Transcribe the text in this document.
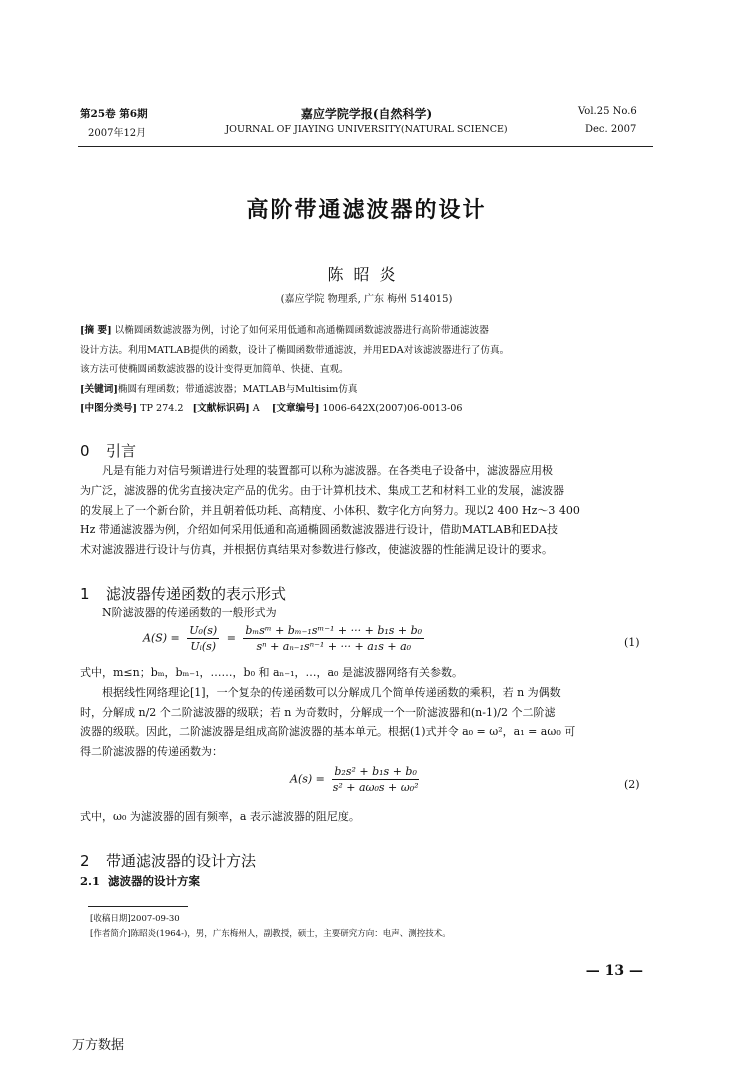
第25卷 第6期
2007年12月
嘉应学院学报(自然科学)
JOURNAL OF JIAYING UNIVERSITY(NATURAL SCIENCE)
Vol.25 No.6
Dec. 2007
高阶带通滤波器的设计
陈昭炎
(嘉应学院 物理系, 广东 梅州 514015)

[摘 要] 以椭圆函数滤波器为例，讨论了如何采用低通和高通椭圆函数滤波器进行高阶带通滤波器

设计方法。利用MATLAB提供的函数，设计了椭圆函数带通滤波，并用EDA对该滤波器进行了仿真。

该方法可使椭圆函数滤波器的设计变得更加简单、快捷、直观。

[关键词]椭圆有理函数；带通滤波器；MATLAB与Multisim仿真

[中图分类号] TP 274.2 [文献标识码] A [文章编号] 1006-642X(2007)06-0013-06

0 引言

凡是有能力对信号频谱进行处理的装置都可以称为滤波器。在各类电子设备中，滤波器应用极

为广泛，滤波器的优劣直接决定产品的优劣。由于计算机技术、集成工艺和材料工业的发展，滤波器

的发展上了一个新台阶，并且朝着低功耗、高精度、小体积、数字化方向努力。现以2 400 Hz～3 400

Hz 带通滤波器为例，介绍如何采用低通和高通椭圆函数滤波器进行设计，借助MATLAB和EDA技

术对滤波器进行设计与仿真，并根据仿真结果对参数进行修改，使滤波器的性能满足设计的要求。

1 滤波器传递函数的表示形式
N阶滤波器的传递函数的一般形式为
$A(S) = \frac{\text{U₀(s)}}{\text{Uᵢ(s)}} = \frac{\text{bₘsᵐ + bₘ₋₁sᵐ⁻¹ + ··· + b₁s + b₀}}{\text{sⁿ + aₙ₋₁sⁿ⁻¹ + ··· + a₁s + a₀}}$	(1)

式中，m≤n；bₘ，bₘ₋₁，……，b₀ 和 aₙ₋₁，…，a₀ 是滤波器网络有关参数。

根据线性网络理论[1]，一个复杂的传递函数可以分解成几个简单传递函数的乘积，若 n 为偶数

时，分解成 n/2 个二阶滤波器的级联；若 n 为奇数时，分解成一个一阶滤波器和(n-1)/2 个二阶滤

波器的级联。因此，二阶滤波器是组成高阶滤波器的基本单元。根据(1)式并令 a₀ = ω²，a₁ = aω₀ 可

得二阶滤波器的传递函数为：

$A(s) = \frac{\text{b₂s² + b₁s + b₀}}{\text{s² + aω₀s + ω₀²}}$	(2)
式中，ω₀ 为滤波器的固有频率，a 表示滤波器的阻尼度。
2 带通滤波器的设计方法
2.1 滤波器的设计方案
[收稿日期]2007-09-30
[作者简介]陈昭炎(1964-)，男，广东梅州人，副教授，硕士，主要研究方向：电声、测控技术。
— 13 —
万方数据
